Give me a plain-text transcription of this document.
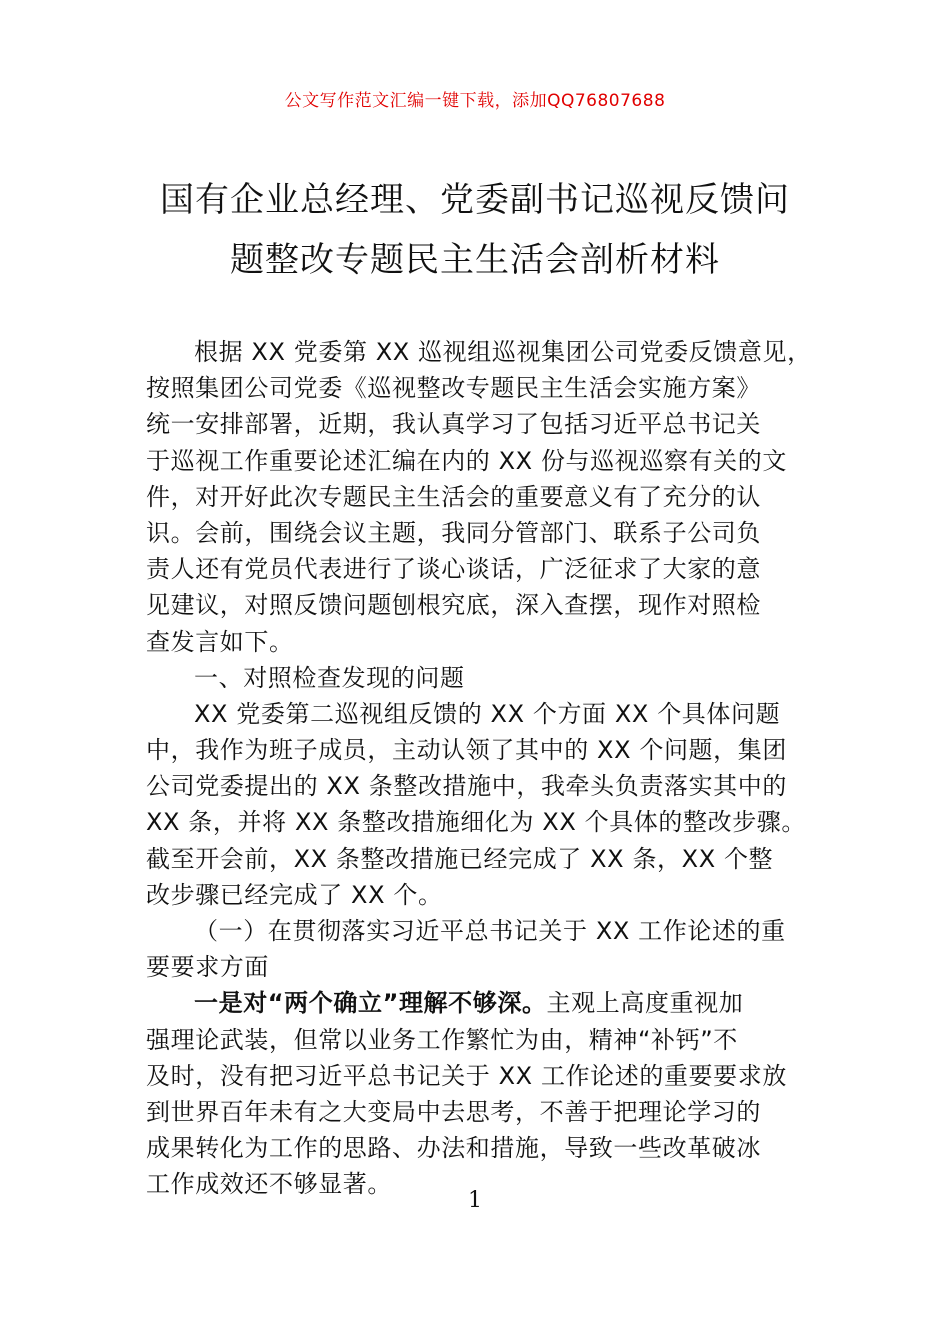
公文写作范文汇编一键下载，添加QQ76807688
国有企业总经理、党委副书记巡视反馈问
题整改专题民主生活会剖析材料
根据 XX 党委第 XX 巡视组巡视集团公司党委反馈意见，
按照集团公司党委《巡视整改专题民主生活会实施方案》
统一安排部署，近期，我认真学习了包括习近平总书记关
于巡视工作重要论述汇编在内的 XX 份与巡视巡察有关的文
件，对开好此次专题民主生活会的重要意义有了充分的认
识。会前，围绕会议主题，我同分管部门、联系子公司负
责人还有党员代表进行了谈心谈话，广泛征求了大家的意
见建议，对照反馈问题刨根究底，深入查摆，现作对照检
查发言如下。
一、对照检查发现的问题
XX 党委第二巡视组反馈的 XX 个方面 XX 个具体问题
中，我作为班子成员，主动认领了其中的 XX 个问题，集团
公司党委提出的 XX 条整改措施中，我牵头负责落实其中的
XX 条，并将 XX 条整改措施细化为 XX 个具体的整改步骤。
截至开会前，XX 条整改措施已经完成了 XX 条，XX 个整
改步骤已经完成了 XX 个。
（一）在贯彻落实习近平总书记关于 XX 工作论述的重
要要求方面
一是对“两个确立”理解不够深。主观上高度重视加
强理论武装，但常以业务工作繁忙为由，精神“补钙”不
及时，没有把习近平总书记关于 XX 工作论述的重要要求放
到世界百年未有之大变局中去思考，不善于把理论学习的
成果转化为工作的思路、办法和措施，导致一些改革破冰
工作成效还不够显著。
1
